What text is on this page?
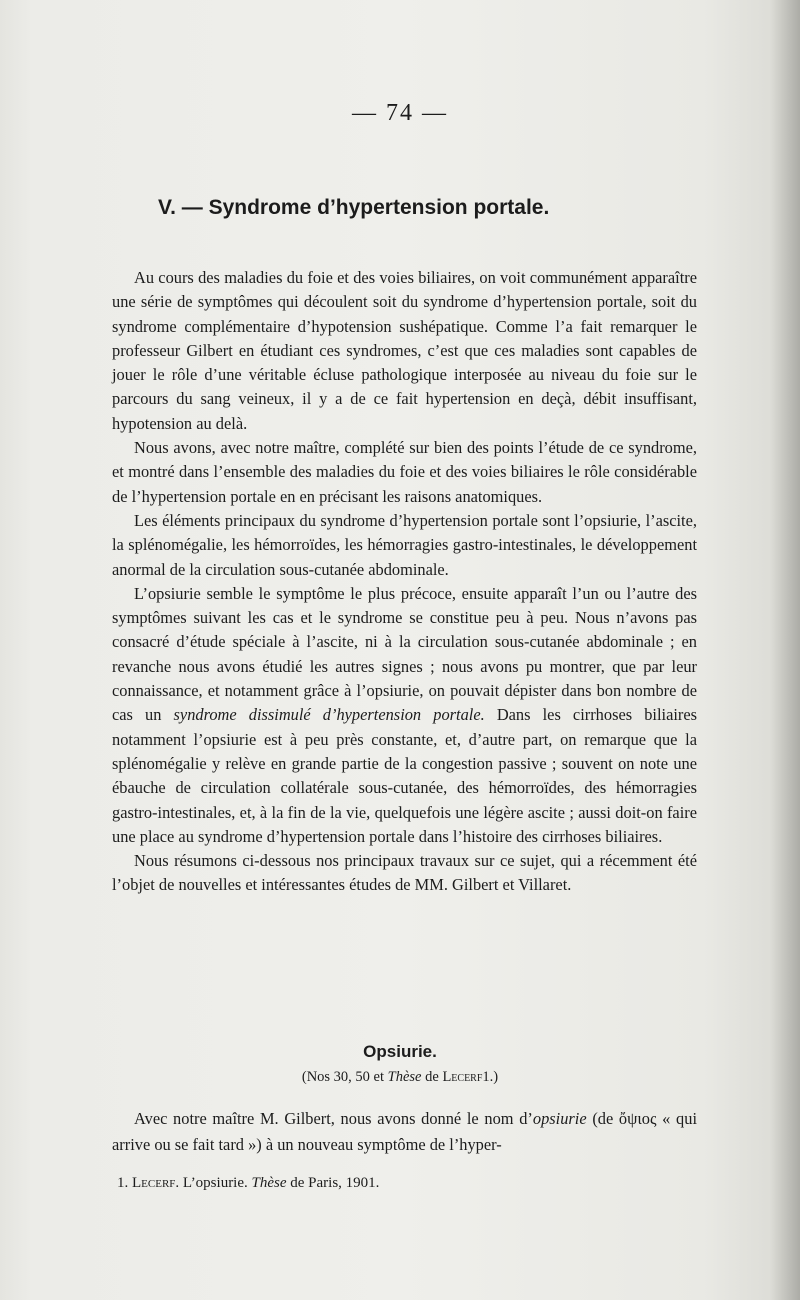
— 74 —
V. — Syndrome d’hypertension portale.

Au cours des maladies du foie et des voies biliaires, on voit communément apparaître une série de symptômes qui découlent soit du syndrome d’hypertension portale, soit du syndrome complémentaire d’hypotension sushépatique. Comme l’a fait remarquer le professeur Gilbert en étudiant ces syndromes, c’est que ces maladies sont capables de jouer le rôle d’une véritable écluse pathologique interposée au niveau du foie sur le parcours du sang veineux, il y a de ce fait hypertension en deçà, débit insuffisant, hypotension au delà.

Nous avons, avec notre maître, complété sur bien des points l’étude de ce syndrome, et montré dans l’ensemble des maladies du foie et des voies biliaires le rôle considérable de l’hypertension portale en en précisant les raisons anatomiques.

Les éléments principaux du syndrome d’hypertension portale sont l’opsiurie, l’ascite, la splénomégalie, les hémorroïdes, les hémorragies gastro-intestinales, le développement anormal de la circulation sous-cutanée abdominale.

L’opsiurie semble le symptôme le plus précoce, ensuite apparaît l’un ou l’autre des symptômes suivant les cas et le syndrome se constitue peu à peu. Nous n’avons pas consacré d’étude spéciale à l’ascite, ni à la circulation sous-cutanée abdominale ; en revanche nous avons étudié les autres signes ; nous avons pu montrer, que par leur connaissance, et notamment grâce à l’opsiurie, on pouvait dépister dans bon nombre de cas un syndrome dissimulé d’hypertension portale. Dans les cirrhoses biliaires notamment l’opsiurie est à peu près constante, et, d’autre part, on remarque que la splénomégalie y relève en grande partie de la congestion passive ; souvent on note une ébauche de circulation collatérale sous-cutanée, des hémorroïdes, des hémorragies gastro-intestinales, et, à la fin de la vie, quelquefois une légère ascite ; aussi doit-on faire une place au syndrome d’hypertension portale dans l’histoire des cirrhoses biliaires.

Nous résumons ci-dessous nos principaux travaux sur ce sujet, qui a récemment été l’objet de nouvelles et intéressantes études de MM. Gilbert et Villaret.

Opsiurie.
(Nos 30, 50 et Thèse de Lecerf1.)

Avec notre maître M. Gilbert, nous avons donné le nom d’opsiurie (de ὄψιος « qui arrive ou se fait tard ») à un nouveau symptôme de l’hyper-

1. Lecerf. L’opsiurie. Thèse de Paris, 1901.
